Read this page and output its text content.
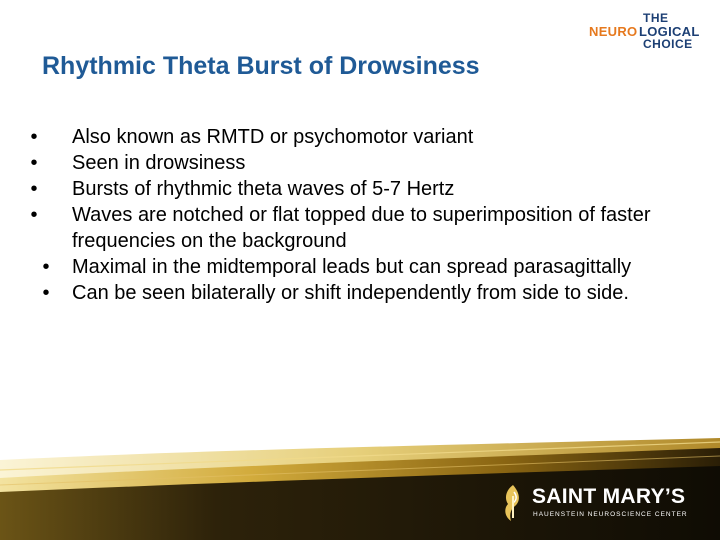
THE
NEURO LOGICAL
CHOICE
Rhythmic Theta Burst of Drowsiness
• Also known as RMTD or psychomotor variant
• Seen in drowsiness
• Bursts of rhythmic theta waves of 5-7 Hertz
• Waves are notched or flat topped due to superimposition of faster frequencies on the background
• Maximal in the midtemporal leads but can spread parasagittally
• Can be seen bilaterally or shift independently from side to side.
SAINT MARY’S
HAUENSTEIN NEUROSCIENCE CENTER
